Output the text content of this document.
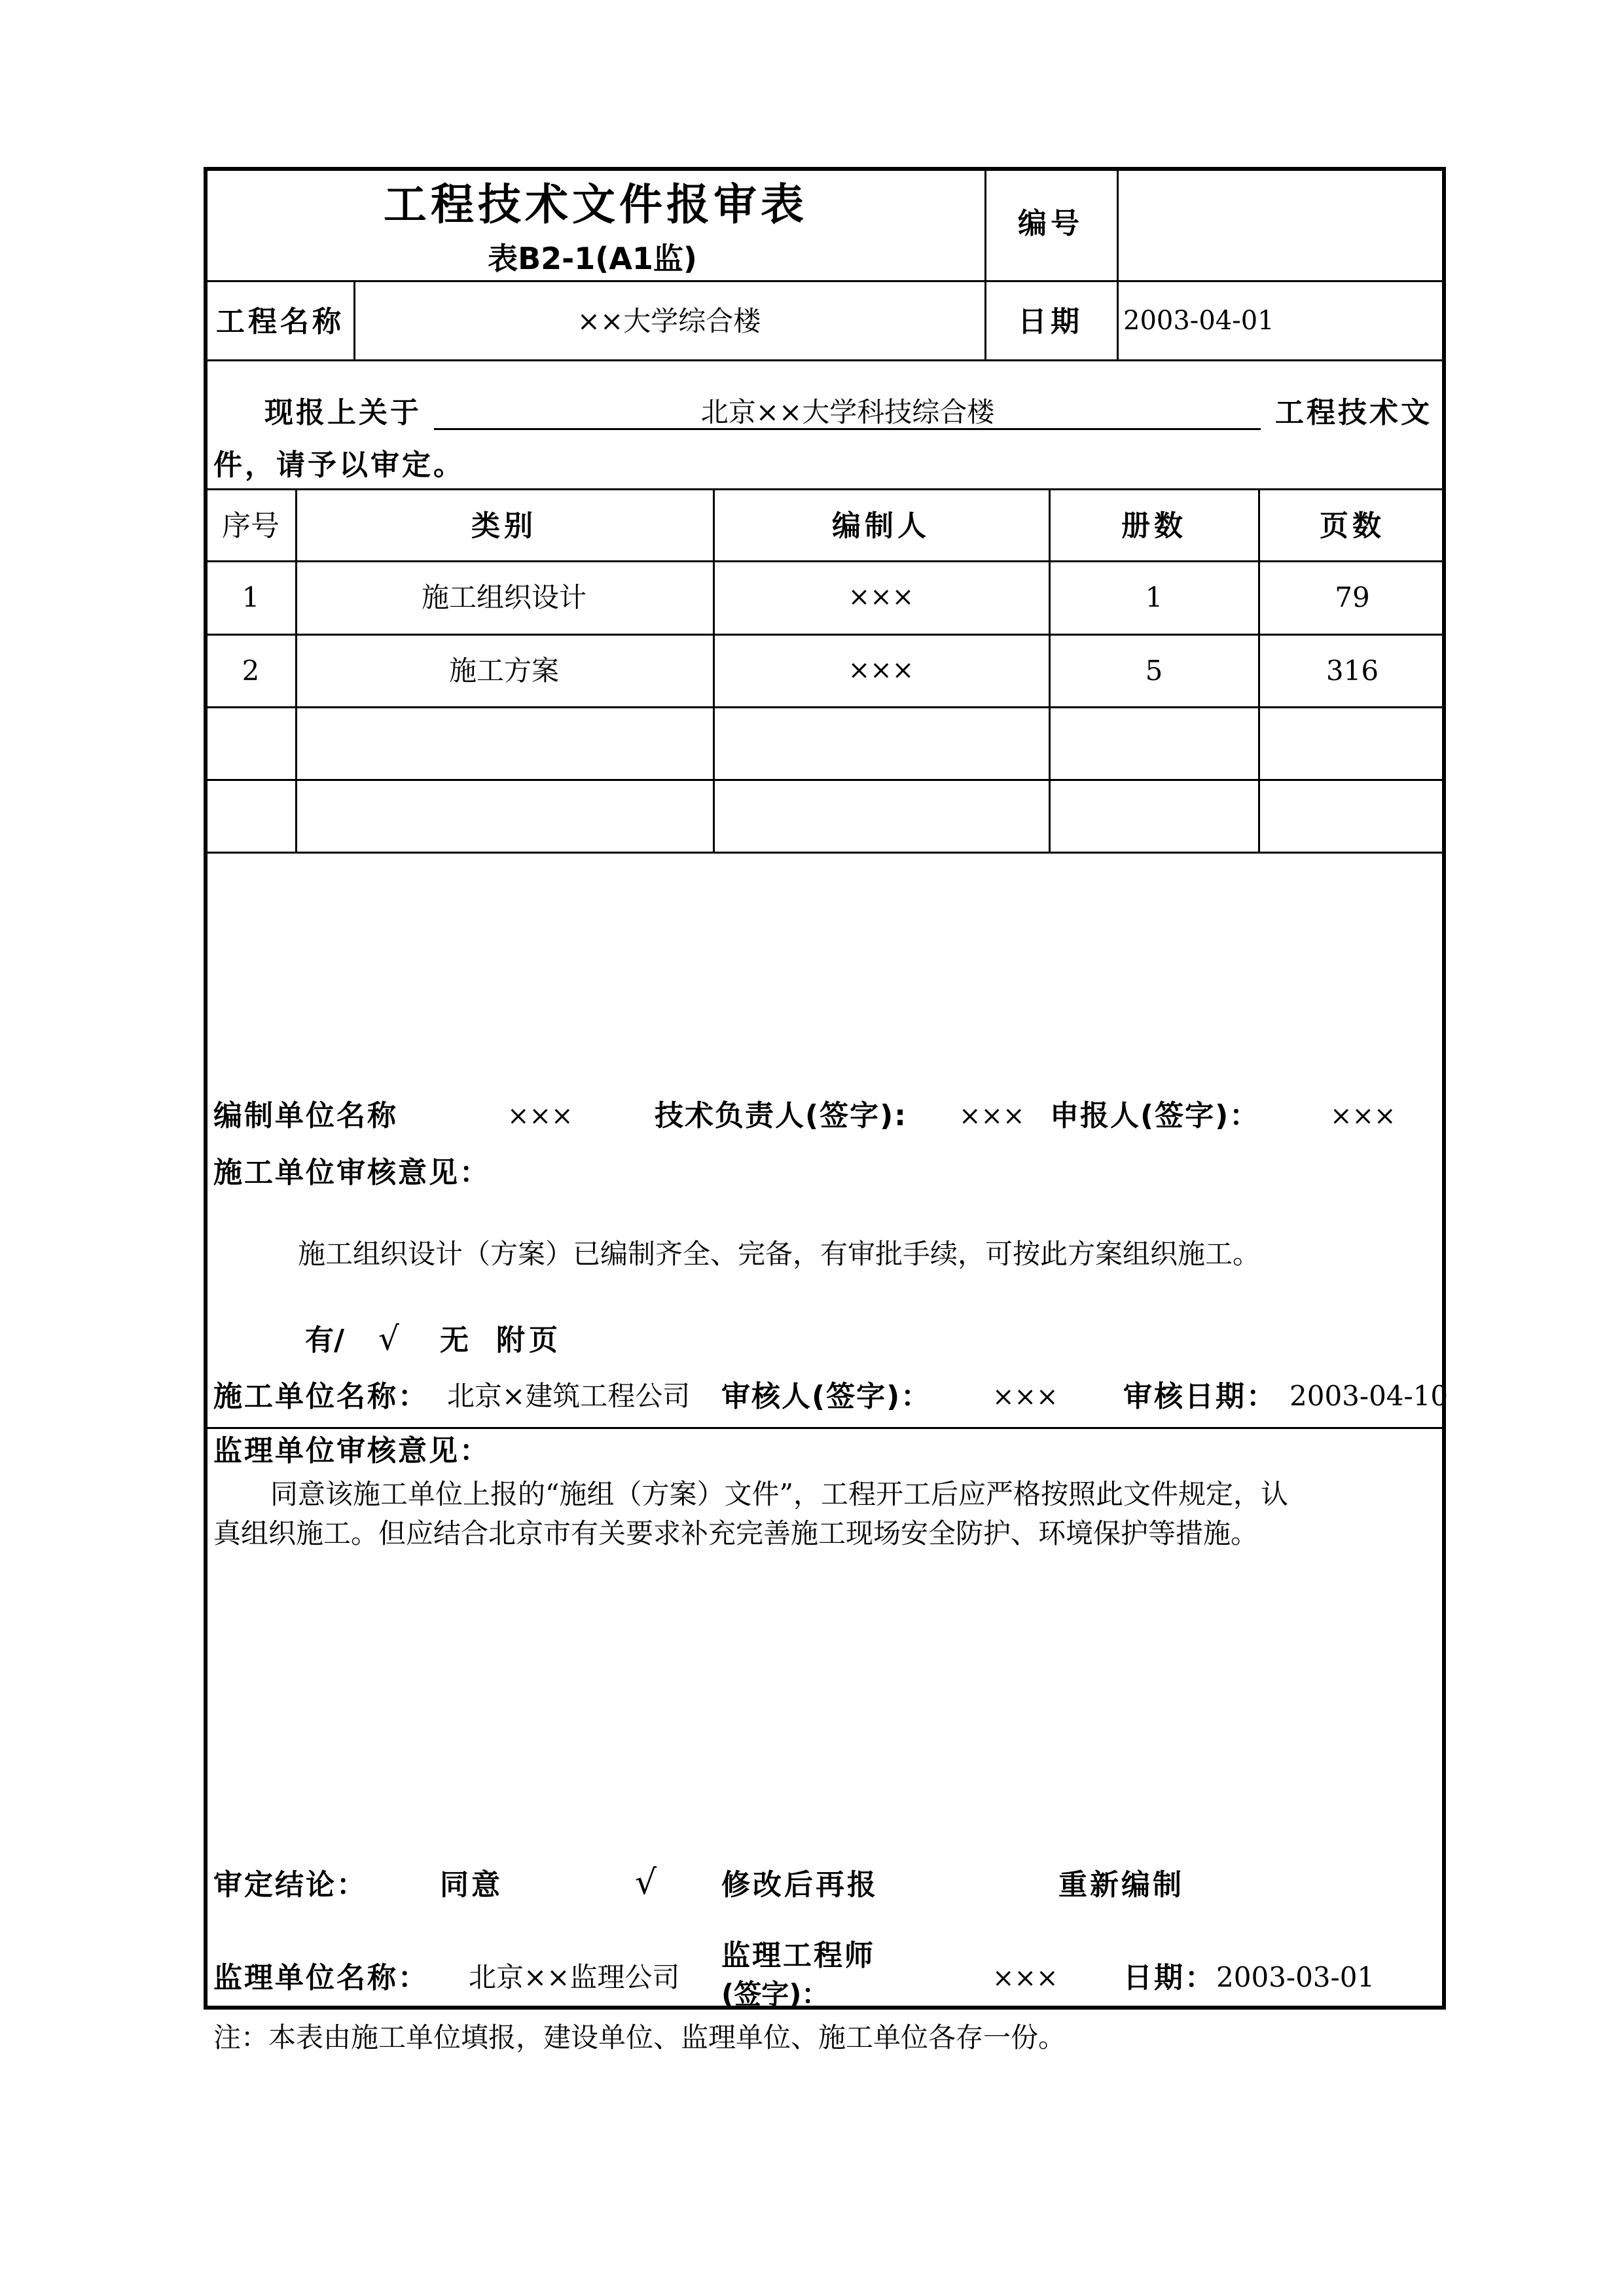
工程技术文件报审表
表B2-1(A1监)
编号
工程名称	××大学综合楼	日期 2003-04-01
现报上关于	北京××大学科技综合楼	工程技术文
件，请予以审定。
序号	类别	编制人	册数	页数
1	施工组织设计	×××	1	79
2	施工方案	×××	5	316
编制单位名称	×××	技术负责人(签字): ××× 申报人(签字)：	×××
施工单位审核意见：
施工组织设计（方案）已编制齐全、完备，有审批手续，可按此方案组织施工。
有/ √ 无 附页
施工单位名称： 北京×建筑工程公司 审核人(签字)： ××× 审核日期： 2003-04-10
监理单位审核意见：
同意该施工单位上报的“施组（方案）文件”，工程开工后应严格按照此文件规定，认
真组织施工。但应结合北京市有关要求补充完善施工现场安全防护、环境保护等措施。
审定结论：	同意	√ 修改后再报	重新编制
监理单位名称： 北京××监理公司
监理工程师
(签字)：	××× 日期： 2003-03-01
注：本表由施工单位填报，建设单位、监理单位、施工单位各存一份。
